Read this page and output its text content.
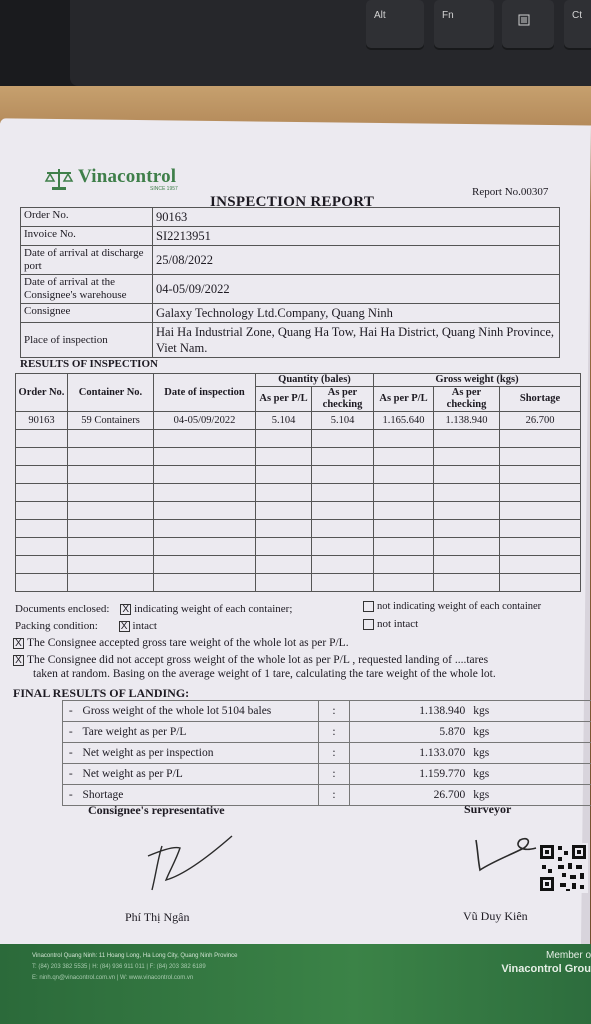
Alt	Fn	Ct
Vinacontrol
SINCE 1957	Report No.00307
INSPECTION REPORT
Order No.	90163
Invoice No.	SI2213951
Date of arrival at discharge port	25/08/2022
Date of arrival at the Consignee's warehouse	04-05/09/2022
Consignee	Galaxy Technology Ltd.Company, Quang Ninh
Place of inspection	Hai Ha Industrial Zone, Quang Ha Tow, Hai Ha District, Quang Ninh Province, Viet Nam.
RESULTS OF INSPECTION
Order No.	Container No.	Date of inspection	Quantity (bales)		Gross weight (kgs)		
			As per P/L	As per checking	As per P/L	As per checking	Shortage
90163	59 Containers	04-05/09/2022	5.104	5.104	1.165.640	1.138.940	26.700

Documents enclosed: X indicating weight of each container;	not indicating weight of each container
Packing condition: X intact	not intact
X The Consignee accepted gross tare weight of the whole lot as per P/L.
X The Consignee did not accept gross weight of the whole lot as per P/L , requested landing of ....tares
taken at random. Basing on the average weight of 1 tare, calculating the tare weight of the whole lot.
FINAL RESULTS OF LANDING:
-	Gross weight of the whole lot 5104 bales	:	1.138.940	kgs
-	Tare weight as per P/L	:	5.870	kgs
-	Net weight as per inspection	:	1.133.070	kgs
-	Net weight as per P/L	:	1.159.770	kgs
-	Shortage	:	26.700	kgs
Consignee's representative	Surveyor
Phí Thị Ngân	Vũ Duy Kiên
Vinacontrol Quang Ninh: 11 Hoang Long, Ha Long City, Quang Ninh Province
T: (84) 203 382 5535 | H: (84) 936 911 011 | F: (84) 203 382 6189
E: ninh.qn@vinacontrol.com.vn | W: www.vinacontrol.com.vn
Member o
Vinacontrol Grou
